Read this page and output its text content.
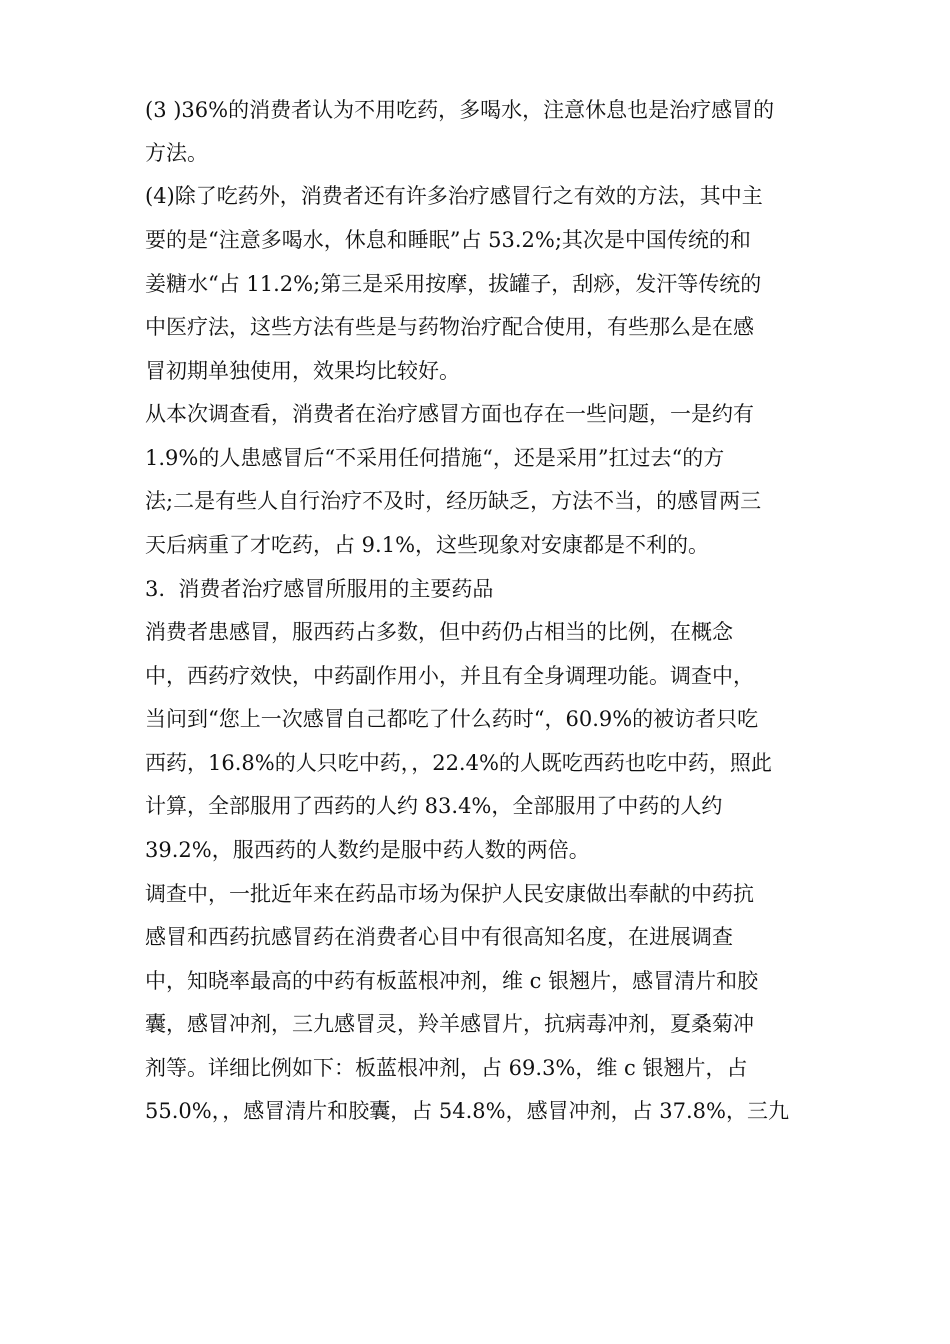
(3 )36%的消费者认为不用吃药，多喝水，注意休息也是治疗感冒的
方法。
(4)除了吃药外，消费者还有许多治疗感冒行之有效的方法，其中主
要的是“注意多喝水，休息和睡眠”占 53.2%;其次是中国传统的和
姜糖水“占 11.2%;第三是采用按摩，拔罐子，刮痧，发汗等传统的
中医疗法，这些方法有些是与药物治疗配合使用，有些那么是在感
冒初期单独使用，效果均比较好。
从本次调查看，消费者在治疗感冒方面也存在一些问题，一是约有
1.9%的人患感冒后“不采用任何措施“，还是采用”扛过去“的方
法;二是有些人自行治疗不及时，经历缺乏，方法不当，的感冒两三
天后病重了才吃药，占 9.1%，这些现象对安康都是不利的。
3.  消费者治疗感冒所服用的主要药品
消费者患感冒，服西药占多数，但中药仍占相当的比例，在概念
中，西药疗效快，中药副作用小，并且有全身调理功能。调查中，
当问到“您上一次感冒自己都吃了什么药时“，60.9%的被访者只吃
西药，16.8%的人只吃中药，，22.4%的人既吃西药也吃中药，照此
计算，全部服用了西药的人约 83.4%，全部服用了中药的人约
39.2%，服西药的人数约是服中药人数的两倍。
调查中，一批近年来在药品市场为保护人民安康做出奉献的中药抗
感冒和西药抗感冒药在消费者心目中有很高知名度，在进展调查
中，知晓率最高的中药有板蓝根冲剂，维 c 银翘片，感冒清片和胶
囊，感冒冲剂，三九感冒灵，羚羊感冒片，抗病毒冲剂，夏桑菊冲
剂等。详细比例如下：板蓝根冲剂，占 69.3%，维 c 银翘片，占
55.0%，，感冒清片和胶囊，占 54.8%，感冒冲剂，占 37.8%，三九
